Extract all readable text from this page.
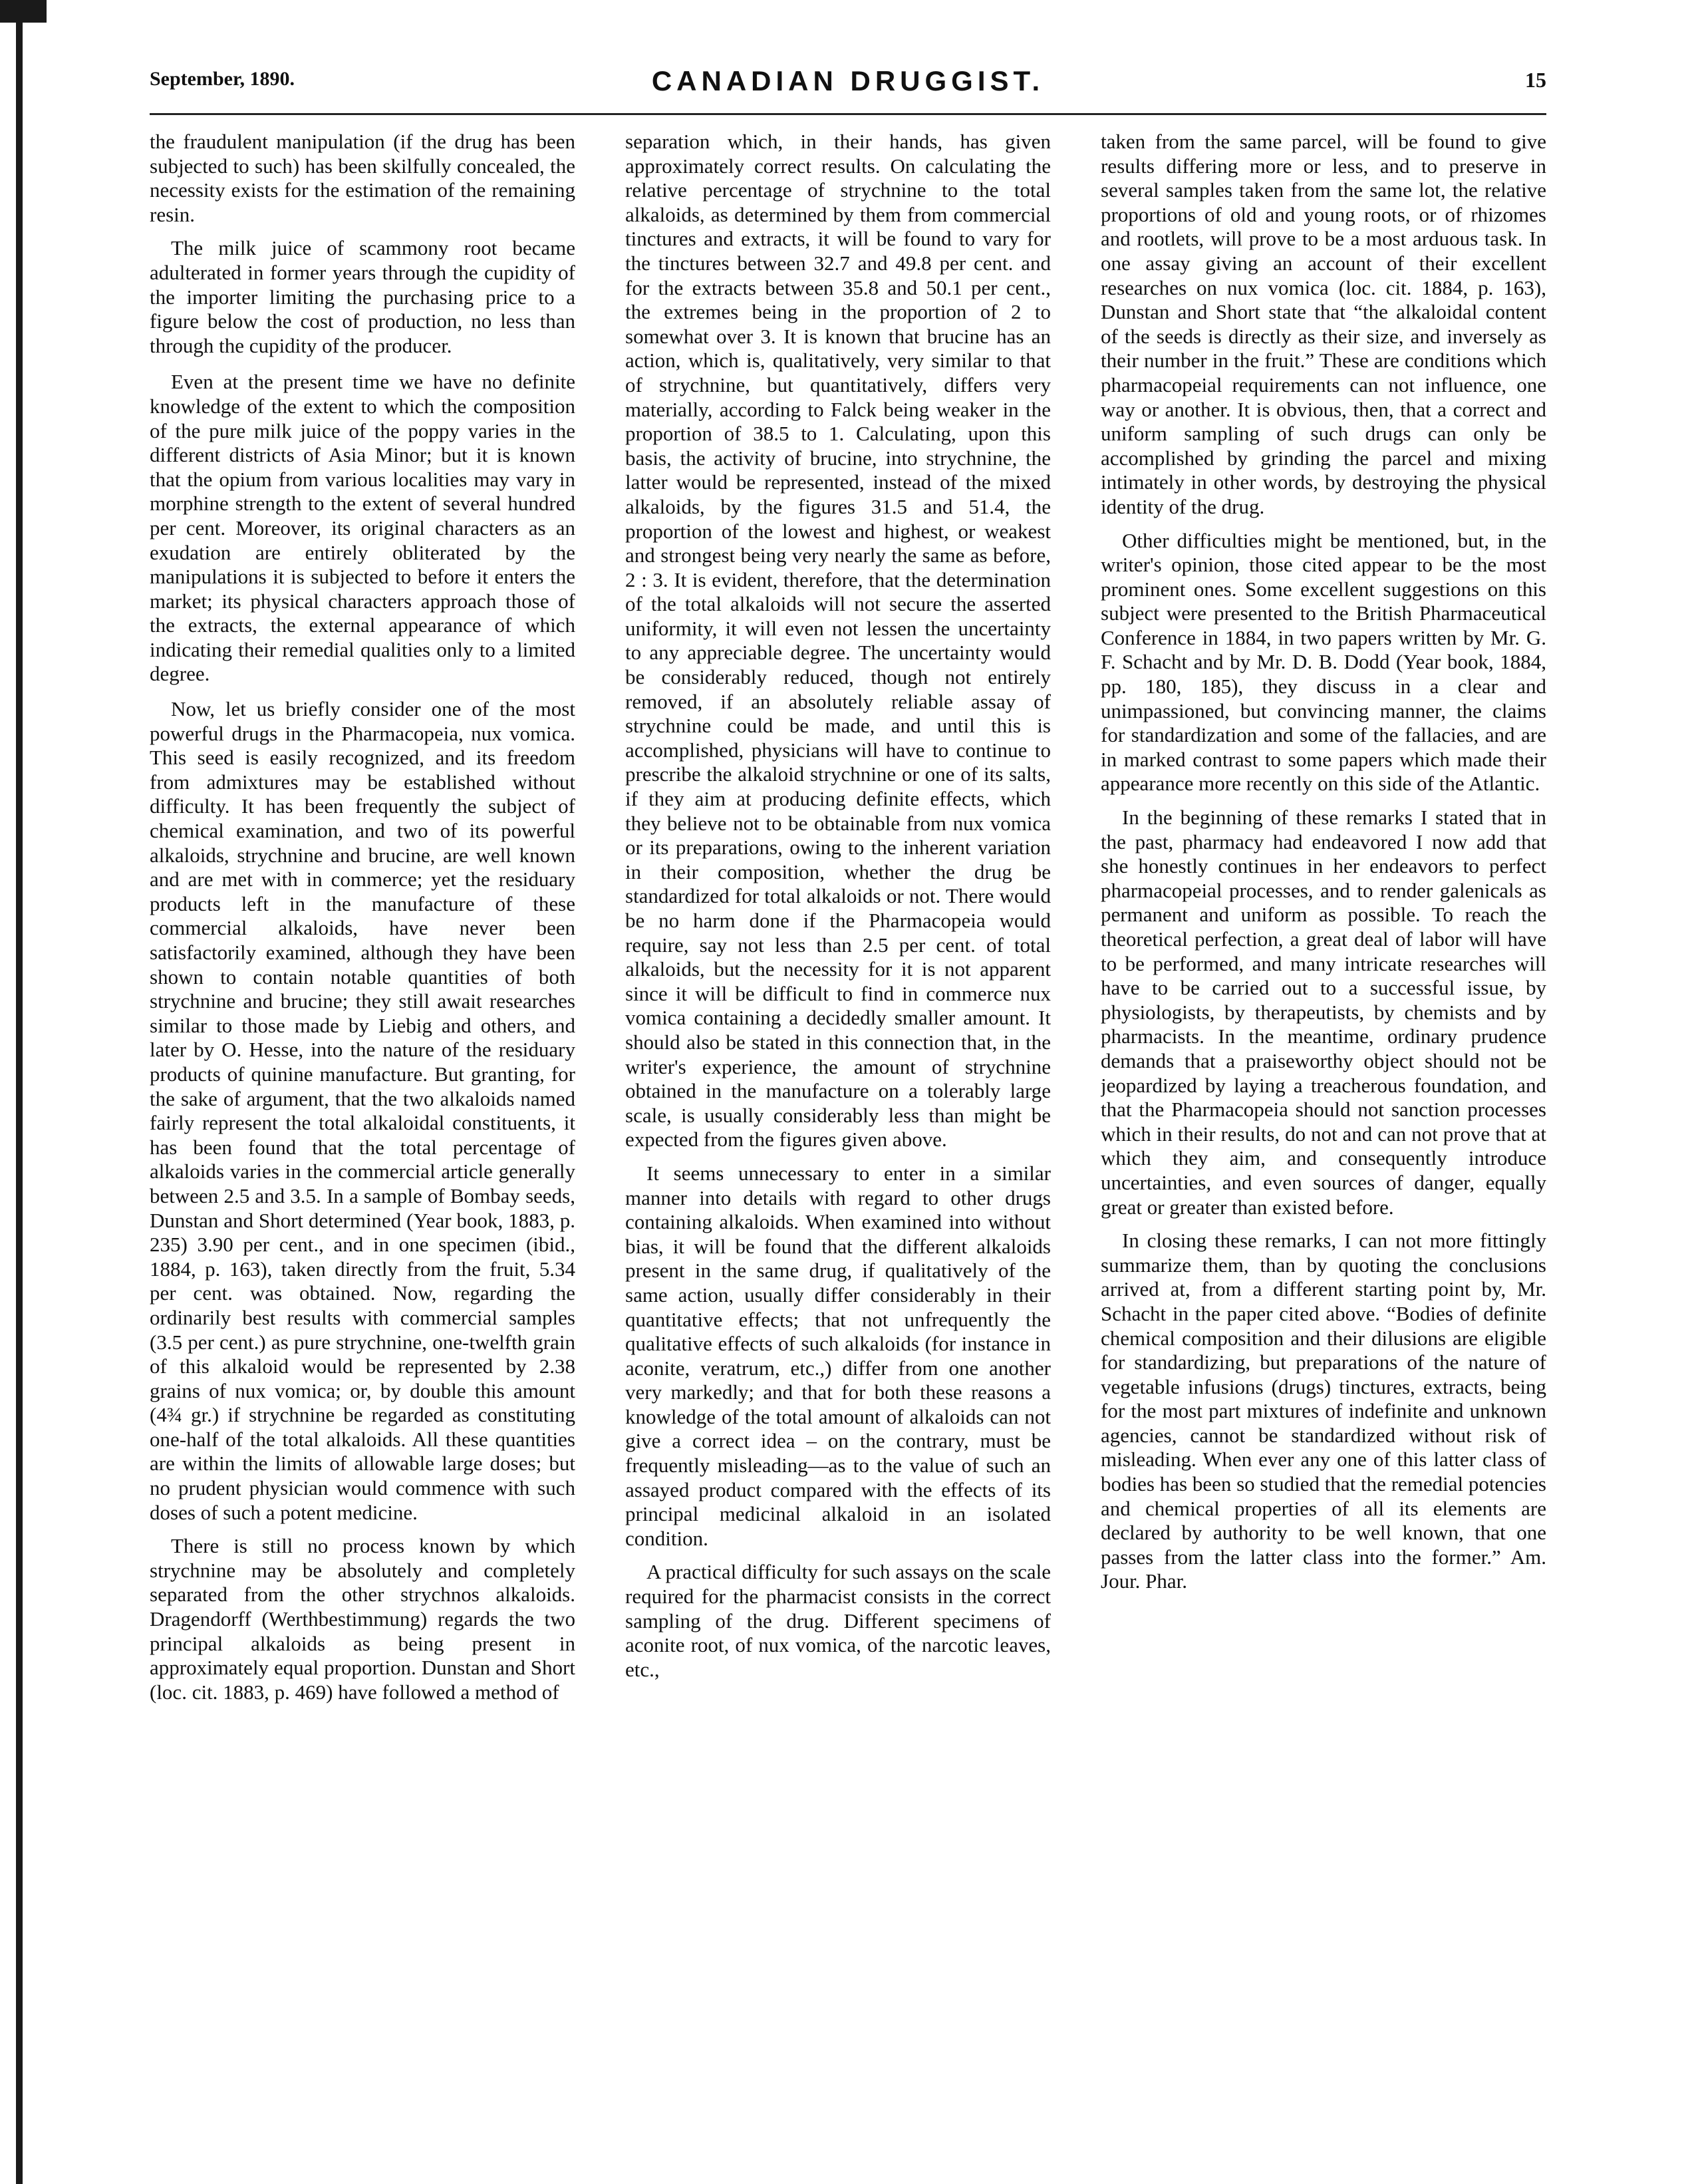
September, 1890.	CANADIAN DRUGGIST.	15

the fraudulent manipulation (if the drug has been subjected to such) has been skilfully concealed, the necessity exists for the estimation of the remaining resin.

The milk juice of scammony root became adulterated in former years through the cupidity of the importer limiting the purchasing price to a figure below the cost of production, no less than through the cupidity of the producer.

Even at the present time we have no definite knowledge of the extent to which the composition of the pure milk juice of the poppy varies in the different districts of Asia Minor; but it is known that the opium from various localities may vary in morphine strength to the extent of several hundred per cent. Moreover, its original characters as an exudation are entirely obliterated by the manipulations it is subjected to before it enters the market; its physical characters approach those of the extracts, the external appearance of which indicating their remedial qualities only to a limited degree.

Now, let us briefly consider one of the most powerful drugs in the Pharmacopeia, nux vomica. This seed is easily recognized, and its freedom from admixtures may be established without difficulty. It has been frequently the subject of chemical examination, and two of its powerful alkaloids, strychnine and brucine, are well known and are met with in commerce; yet the residuary products left in the manufacture of these commercial alkaloids, have never been satisfactorily examined, although they have been shown to contain notable quantities of both strychnine and brucine; they still await researches similar to those made by Liebig and others, and later by O. Hesse, into the nature of the residuary products of quinine manufacture. But granting, for the sake of argument, that the two alkaloids named fairly represent the total alkaloidal constituents, it has been found that the total percentage of alkaloids varies in the commercial article generally between 2.5 and 3.5. In a sample of Bombay seeds, Dunstan and Short determined (Year book, 1883, p. 235) 3.90 per cent., and in one specimen (ibid., 1884, p. 163), taken directly from the fruit, 5.34 per cent. was obtained. Now, regarding the ordinarily best results with commercial samples (3.5 per cent.) as pure strychnine, one-twelfth grain of this alkaloid would be represented by 2.38 grains of nux vomica; or, by double this amount (4¾ gr.) if strychnine be regarded as constituting one-half of the total alkaloids. All these quantities are within the limits of allowable large doses; but no prudent physician would commence with such doses of such a potent medicine.

There is still no process known by which strychnine may be absolutely and completely separated from the other strychnos alkaloids. Dragendorff (Werthbestimmung) regards the two principal alkaloids as being present in approximately equal proportion. Dunstan and Short (loc. cit. 1883, p. 469) have followed a method of

separation which, in their hands, has given approximately correct results. On calculating the relative percentage of strychnine to the total alkaloids, as determined by them from commercial tinctures and extracts, it will be found to vary for the tinctures between 32.7 and 49.8 per cent. and for the extracts between 35.8 and 50.1 per cent., the extremes being in the proportion of 2 to somewhat over 3. It is known that brucine has an action, which is, qualitatively, very similar to that of strychnine, but quantitatively, differs very materially, according to Falck being weaker in the proportion of 38.5 to 1. Calculating, upon this basis, the activity of brucine, into strychnine, the latter would be represented, instead of the mixed alkaloids, by the figures 31.5 and 51.4, the proportion of the lowest and highest, or weakest and strongest being very nearly the same as before, 2 : 3. It is evident, therefore, that the determination of the total alkaloids will not secure the asserted uniformity, it will even not lessen the uncertainty to any appreciable degree. The uncertainty would be considerably reduced, though not entirely removed, if an absolutely reliable assay of strychnine could be made, and until this is accomplished, physicians will have to continue to prescribe the alkaloid strychnine or one of its salts, if they aim at producing definite effects, which they believe not to be obtainable from nux vomica or its preparations, owing to the inherent variation in their composition, whether the drug be standardized for total alkaloids or not. There would be no harm done if the Pharmacopeia would require, say not less than 2.5 per cent. of total alkaloids, but the necessity for it is not apparent since it will be difficult to find in commerce nux vomica containing a decidedly smaller amount. It should also be stated in this connection that, in the writer's experience, the amount of strychnine obtained in the manufacture on a tolerably large scale, is usually considerably less than might be expected from the figures given above.

It seems unnecessary to enter in a similar manner into details with regard to other drugs containing alkaloids. When examined into without bias, it will be found that the different alkaloids present in the same drug, if qualitatively of the same action, usually differ considerably in their quantitative effects; that not unfrequently the qualitative effects of such alkaloids (for instance in aconite, veratrum, etc.,) differ from one another very markedly; and that for both these reasons a knowledge of the total amount of alkaloids can not give a correct idea – on the contrary, must be frequently misleading—as to the value of such an assayed product compared with the effects of its principal medicinal alkaloid in an isolated condition.

A practical difficulty for such assays on the scale required for the pharmacist consists in the correct sampling of the drug. Different specimens of aconite root, of nux vomica, of the narcotic leaves, etc.,

taken from the same parcel, will be found to give results differing more or less, and to preserve in several samples taken from the same lot, the relative proportions of old and young roots, or of rhizomes and rootlets, will prove to be a most arduous task. In one assay giving an account of their excellent researches on nux vomica (loc. cit. 1884, p. 163), Dunstan and Short state that “the alkaloidal content of the seeds is directly as their size, and inversely as their number in the fruit.” These are conditions which pharmacopeial requirements can not influence, one way or another. It is obvious, then, that a correct and uniform sampling of such drugs can only be accomplished by grinding the parcel and mixing intimately in other words, by destroying the physical identity of the drug.

Other difficulties might be mentioned, but, in the writer's opinion, those cited appear to be the most prominent ones. Some excellent suggestions on this subject were presented to the British Pharmaceutical Conference in 1884, in two papers written by Mr. G. F. Schacht and by Mr. D. B. Dodd (Year book, 1884, pp. 180, 185), they discuss in a clear and unimpassioned, but convincing manner, the claims for standardization and some of the fallacies, and are in marked contrast to some papers which made their appearance more recently on this side of the Atlantic.

In the beginning of these remarks I stated that in the past, pharmacy had endeavored I now add that she honestly continues in her endeavors to perfect pharmacopeial processes, and to render galenicals as permanent and uniform as possible. To reach the theoretical perfection, a great deal of labor will have to be performed, and many intricate researches will have to be carried out to a successful issue, by physiologists, by therapeutists, by chemists and by pharmacists. In the meantime, ordinary prudence demands that a praiseworthy object should not be jeopardized by laying a treacherous foundation, and that the Pharmacopeia should not sanction processes which in their results, do not and can not prove that at which they aim, and consequently introduce uncertainties, and even sources of danger, equally great or greater than existed before.

In closing these remarks, I can not more fittingly summarize them, than by quoting the conclusions arrived at, from a different starting point by, Mr. Schacht in the paper cited above. “Bodies of definite chemical composition and their dilusions are eligible for standardizing, but preparations of the nature of vegetable infusions (drugs) tinctures, extracts, being for the most part mixtures of indefinite and unknown agencies, cannot be standardized without risk of misleading. When ever any one of this latter class of bodies has been so studied that the remedial potencies and chemical properties of all its elements are declared by authority to be well known, that one passes from the latter class into the former.” Am. Jour. Phar.
